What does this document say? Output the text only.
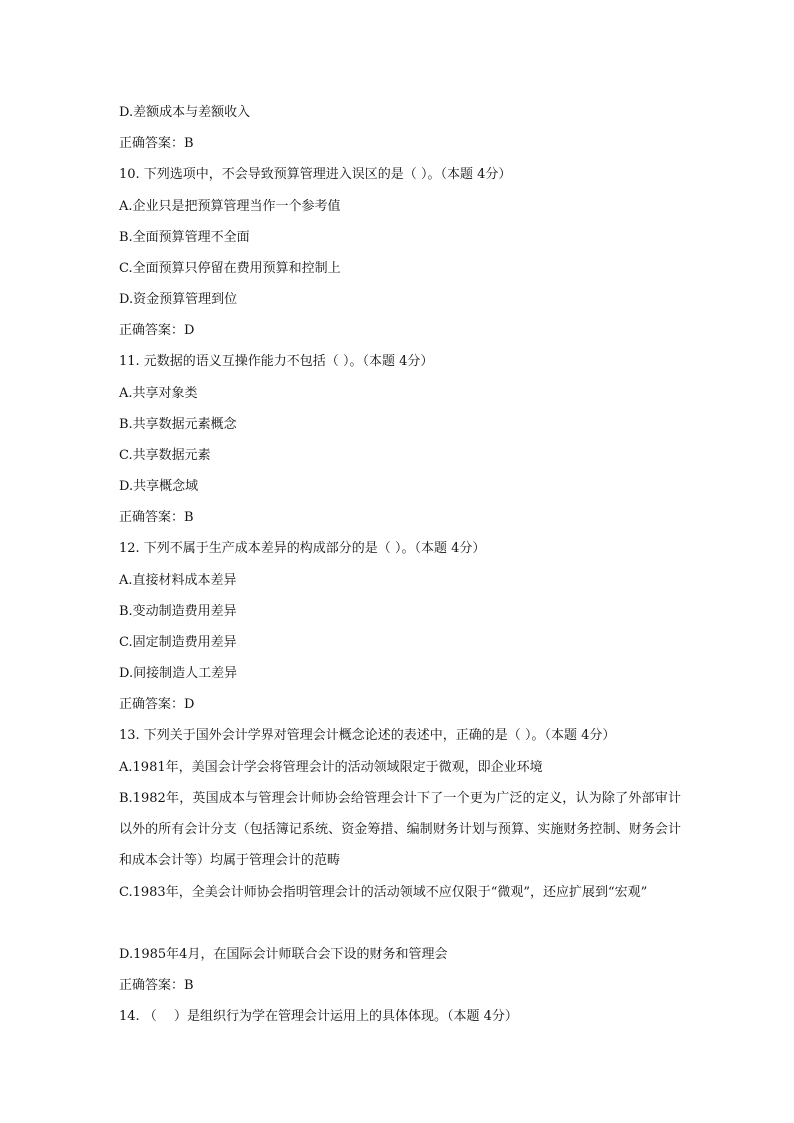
D.差额成本与差额收入
正确答案：B
10. 下列选项中，不会导致预算管理进入误区的是（ ）。（本题 4分）
A.企业只是把预算管理当作一个参考值
B.全面预算管理不全面
C.全面预算只停留在费用预算和控制上
D.资金预算管理到位
正确答案：D
11. 元数据的语义互操作能力不包括（ ）。（本题 4分）
A.共享对象类
B.共享数据元素概念
C.共享数据元素
D.共享概念域
正确答案：B
12. 下列不属于生产成本差异的构成部分的是（ ）。（本题 4分）
A.直接材料成本差异
B.变动制造费用差异
C.固定制造费用差异
D.间接制造人工差异
正确答案：D
13. 下列关于国外会计学界对管理会计概念论述的表述中，正确的是（ ）。（本题 4分）
A.1981年，美国会计学会将管理会计的活动领域限定于微观，即企业环境
B.1982年，英国成本与管理会计师协会给管理会计下了一个更为广泛的定义，认为除了外部审计以外的所有会计分支（包括簿记系统、资金筹措、编制财务计划与预算、实施财务控制、财务会计和成本会计等）均属于管理会计的范畴
C.1983年，全美会计师协会指明管理会计的活动领域不应仅限于“微观”，还应扩展到“宏观”
D.1985年4月，在国际会计师联合会下设的财务和管理会
正确答案：B
14. （　 ）是组织行为学在管理会计运用上的具体体现。（本题 4分）
